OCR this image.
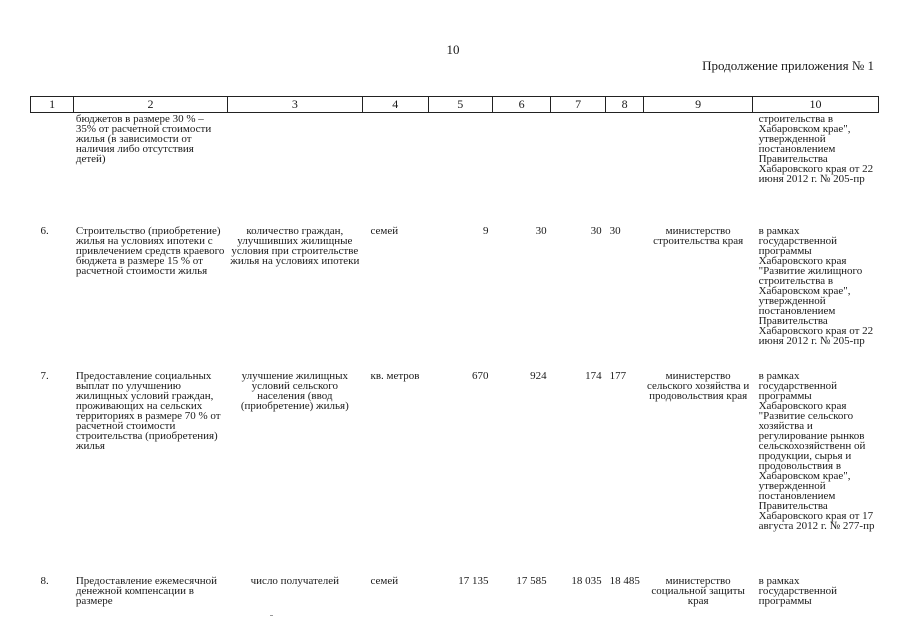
10
Продолжение приложения № 1
1	2	3	4	5	6	7	8	9	10
	бюджетов в размере 30 % – 35% от расчетной стоимости жилья (в зависимости от наличия либо отсутствия детей)								строительства в Хабаровском крае", утвержденной постановлением Правительства Хабаровского края от 22 июня 2012 г. № 205-пр
6.	Строительство (приобретение) жилья на условиях ипотеки с привлечением средств краевого бюджета в размере 15 % от расчетной стоимости жилья	количество граждан, улучшивших жилищные условия при строительстве жилья на условиях ипотеки	семей	9	30	30	30	министерство строительства края	в рамках государственной программы Хабаровского края "Развитие жилищного строительства в Хабаровском крае", утвержденной постановлением Правительства Хабаровского края от 22 июня 2012 г. № 205-пр
7.	Предоставление социальных выплат по улучшению жилищных условий граждан, проживающих на сельских территориях в размере 70 % от расчетной стоимости строительства (приобретения) жилья	улучшение жилищных условий сельского населения (ввод (приобретение) жилья)	кв. метров	670	924	174	177	министерство сельского хозяйства и продовольствия края	в рамках государственной программы Хабаровского края "Развитие сельского хозяйства и регулирование рынков сельскохозяйственн ой продукции, сырья и продовольствия в Хабаровском крае", утвержденной постановлением Правительства Хабаровского края от 17 августа 2012 г. № 277-пр
8.	Предоставление ежемесячной денежной компенсации в размере	число получателей	семей	17 135	17 585	18 035	18 485	министерство социальной защиты края	в рамках государственной программы
